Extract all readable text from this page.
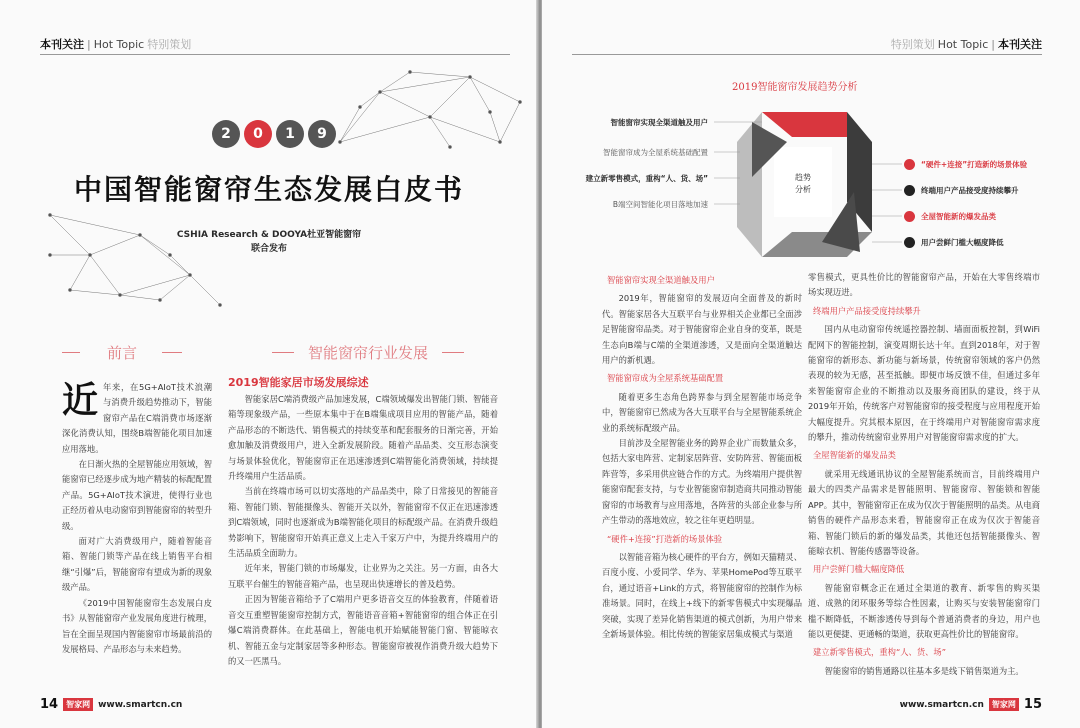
本刊关注 | Hot Topic 特别策划
2	0	1	9
中国智能窗帘生态发展白皮书
CSHIA Research & DOOYA杜亚智能窗帘
联合发布
前言	智能窗帘行业发展
2019智能家居市场发展综述
近 年来，在5G+AIoT技术浪潮与消费升级趋势推动下，智能窗帘产品在C端消费市场逐渐深化消费认知，围绕B端智能化项目加速应用落地。

在日渐火热的全屋智能应用领域，智能窗帘已经逐步成为地产精装的标配配置产品。5G+AIoT技术演进，使得行业也正经历着从电动窗帘到智能窗帘的转型升级。

面对广大消费级用户，随着智能音箱、智能门锁等产品在线上销售平台相继“引爆”后，智能窗帘有望成为新的现象级产品。

《2019中国智能窗帘生态发展白皮书》从智能窗帘产业发展角度进行梳理，旨在全面呈现国内智能窗帘市场最前沿的发展格局、产品形态与未来趋势。

智能家居C端消费级产品加速发展，C端领域爆发出智能门锁、智能音箱等现象级产品，一些原本集中于在B端集成项目应用的智能产品，随着产品形态的不断迭代、销售模式的持续变革和配套服务的日渐完善，开始愈加触及消费级用户，进入全新发展阶段。随着产品品类、交互形态演变与场景体验优化，智能窗帘正在迅速渗透到C端智能化消费领域，持续提升终端用户生活品质。

当前在终端市场可以切实落地的产品品类中，除了日常接见的智能音箱、智能门锁、智能摄像头、智能开关以外，智能窗帘不仅正在迅速渗透到C端领域，同时也逐渐成为B端智能化项目的标配级产品。在消费升级趋势影响下，智能窗帘开始真正意义上走入千家万户中，为提升终端用户的生活品质全面助力。

近年来，智能门锁的市场爆发，让业界为之关注。另一方面，由各大互联平台催生的智能音箱产品，也呈现出快速增长的普及趋势。

正因为智能音箱给予了C端用户更多语音交互的体验教育，伴随着语音交互重塑智能窗帘控制方式，智能语音音箱+智能窗帘的组合体正在引爆C端消费群体。在此基础上，智能电机开始赋能智能门窗、智能晾衣机、智能五金与定制家居等多种形态。智能窗帘被视作消费升级大趋势下的又一匹黑马。

14	智家网 www.smartcn.cn
特别策划 Hot Topic | 本刊关注
2019智能窗帘发展趋势分析
趋势
分析
智能窗帘实现全渠道触及用户
智能窗帘成为全屋系统基础配置
建立新零售模式，重构“人、货、场”
B端空间智能化项目落地加速
“硬件+连接”打造新的场景体验
终端用户产品接受度持续攀升
全屋智能新的爆发品类
用户尝鲜门槛大幅度降低

智能窗帘实现全渠道触及用户

2019年，智能窗帘的发展迈向全面普及的新时代。智能家居各大互联平台与业界相关企业都已全面涉足智能窗帘品类。对于智能窗帘企业自身的变革，既是生态向B端与C端的全渠道渗透，又是面向全渠道触达用户的新机遇。

智能窗帘成为全屋系统基础配置

随着更多生态角色跨界参与到全屋智能市场竞争中，智能窗帘已然成为各大互联平台与全屋智能系统企业的系统标配级产品。

目前涉及全屋智能业务的跨界企业广而数量众多，包括大家电阵营、定制家居阵营、安防阵营、智能面板阵营等，多采用供应链合作的方式。为终端用户提供智能窗帘配套支持，与专业智能窗帘制造商共同推动智能窗帘的市场教育与应用落地，各阵营的头部企业参与所产生带动的落地效应，较之往年更趋明显。

“硬件+连接”打造新的场景体验

以智能音箱为核心硬件的平台方，例如天猫精灵、百度小度、小爱同学、华为、苹果HomePod等互联平台，通过语音+Link的方式，将智能窗帘的控制作为标准场景。同时，在线上+线下的新零售模式中实现爆品突破，实现了差异化销售渠道的模式创新，为用户带来全新场景体验。相比传统的智能家居集成模式与渠道

零售模式，更具性价比的智能窗帘产品，开始在大零售终端市场实现迈进。

终端用户产品接受度持续攀升

国内从电动窗帘传统遥控器控制、墙面面板控制，到WiFi配网下的智能控制，演变周期长达十年。直到2018年，对于智能窗帘的新形态、新功能与新场景，传统窗帘领域的客户仍然表现的较为无感，甚至抵触。即便市场反馈不佳，但通过多年来智能窗帘企业的不断推动以及服务商团队的建设，终于从2019年开始，传统客户对智能窗帘的接受程度与应用程度开始大幅度提升。究其根本原因，在于终端用户对智能窗帘需求度的攀升，推动传统窗帘业界用户对智能窗帘需求度的扩大。

全屋智能新的爆发品类

就采用无线通讯协议的全屋智能系统而言，目前终端用户最大的四类产品需求是智能照明、智能窗帘、智能锁和智能APP。其中，智能窗帘正在成为仅次于智能照明的品类。从电商销售的硬件产品形态来看，智能窗帘正在成为仅次于智能音箱、智能门锁后的新的爆发品类，其他还包括智能摄像头、智能晾衣机、智能传感器等设备。

用户尝鲜门槛大幅度降低

智能窗帘概念正在通过全渠道的教育、新零售的购买渠道、成熟的闭环服务等综合性因素，让购买与安装智能窗帘门槛不断降低，不断渗透传导到每个普通消费者的身边，用户也能以更便捷、更通畅的渠道，获取更高性价比的智能窗帘。

建立新零售模式，重构“人、货、场”

智能窗帘的销售通路以往基本多是线下销售渠道为主。

www.smartcn.cn	智家网 15
